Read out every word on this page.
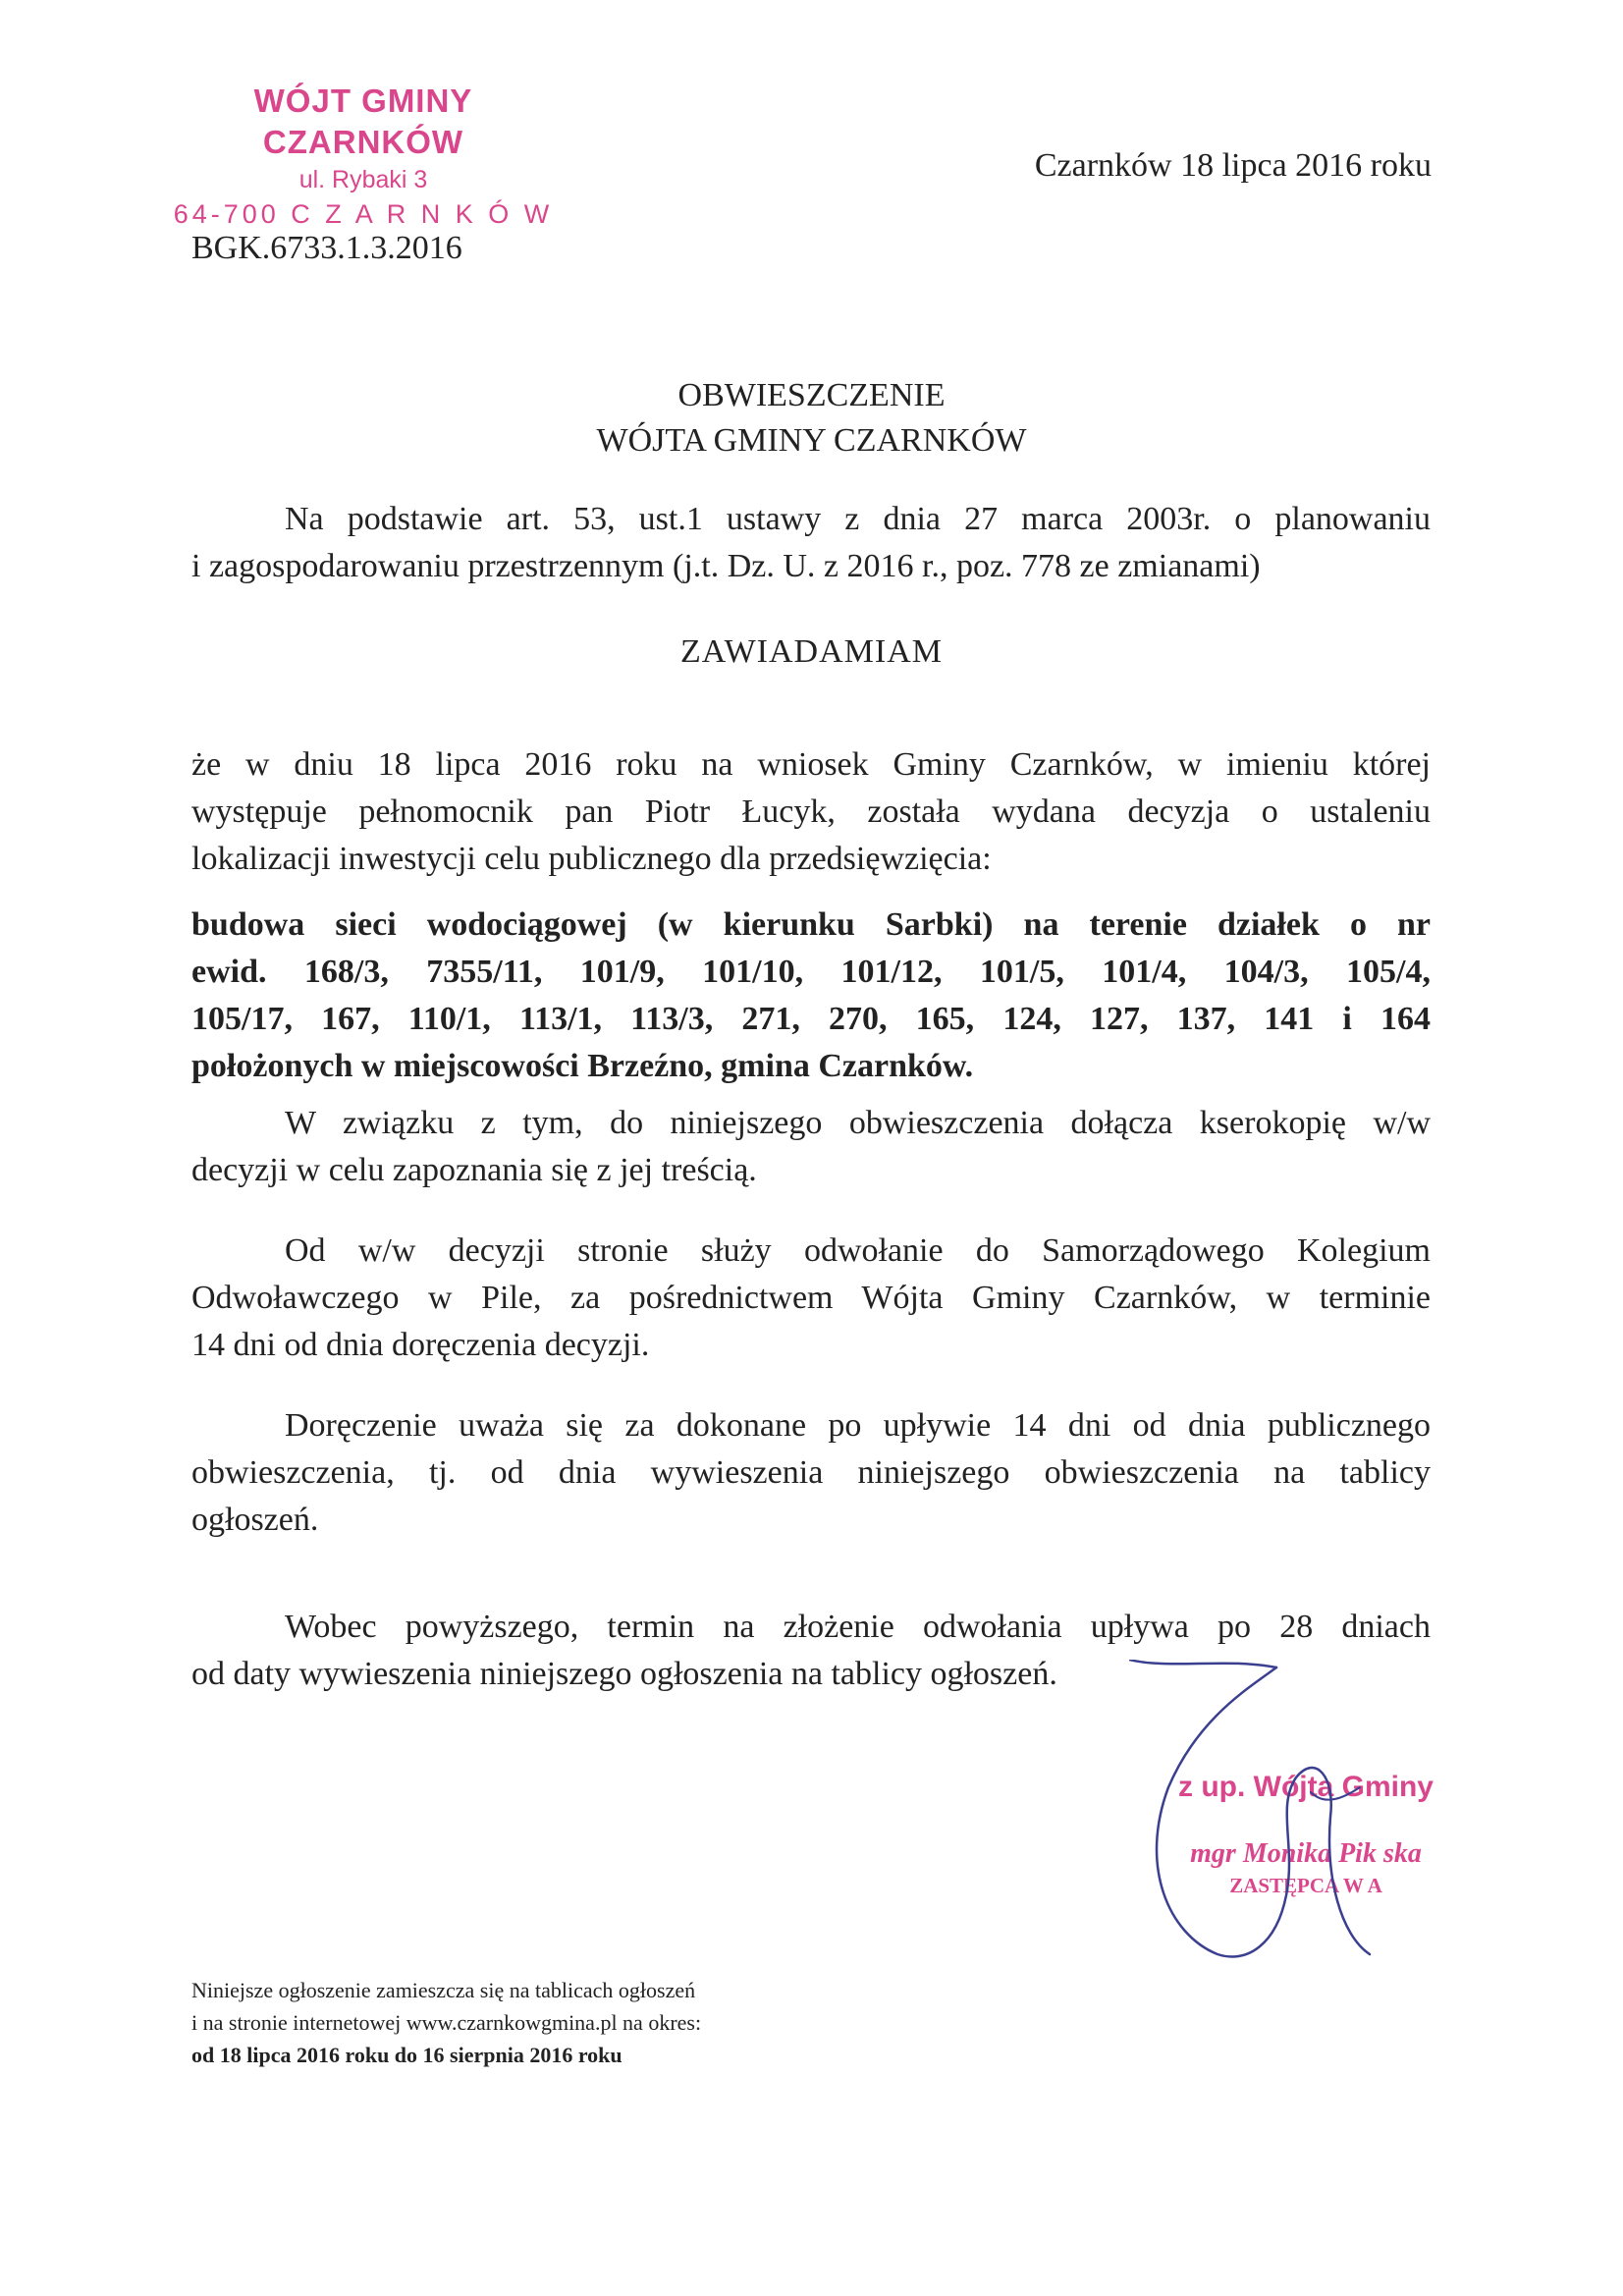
WÓJT GMINY CZARNKÓW
ul. Rybaki 3
64-700 C Z A R N K Ó W
Czarnków 18 lipca 2016 roku
BGK.6733.1.3.2016
OBWIESZCZENIE
WÓJTA GMINY CZARNKÓW
Na podstawie art. 53, ust.1 ustawy z dnia 27 marca 2003r. o planowaniu
i zagospodarowaniu przestrzennym (j.t. Dz. U. z 2016 r., poz. 778 ze zmianami)
ZAWIADAMIAM
że w dniu 18 lipca 2016 roku na wniosek Gminy Czarnków, w imieniu której
występuje pełnomocnik pan Piotr Łucyk, została wydana decyzja o ustaleniu
lokalizacji inwestycji celu publicznego dla przedsięwzięcia:
budowa sieci wodociągowej (w kierunku Sarbki) na terenie działek o nr
ewid. 168/3, 7355/11, 101/9, 101/10, 101/12, 101/5, 101/4, 104/3, 105/4,
105/17, 167, 110/1, 113/1, 113/3, 271, 270, 165, 124, 127, 137, 141 i 164
położonych w miejscowości Brzeźno, gmina Czarnków.
W związku z tym, do niniejszego obwieszczenia dołącza kserokopię w/w
decyzji w celu zapoznania się z jej treścią.
Od w/w decyzji stronie służy odwołanie do Samorządowego Kolegium
Odwoławczego w Pile, za pośrednictwem Wójta Gminy Czarnków, w terminie
14 dni od dnia doręczenia decyzji.
Doręczenie uważa się za dokonane po upływie 14 dni od dnia publicznego
obwieszczenia, tj. od dnia wywieszenia niniejszego obwieszczenia na tablicy
ogłoszeń.
Wobec powyższego, termin na złożenie odwołania upływa po 28 dniach
od daty wywieszenia niniejszego ogłoszenia na tablicy ogłoszeń.
z up. Wójta Gminy
mgr Monika Pik ska
ZASTĘPCA W A
Niniejsze ogłoszenie zamieszcza się na tablicach ogłoszeń
i na stronie internetowej www.czarnkowgmina.pl na okres:
od 18 lipca 2016 roku do 16 sierpnia 2016 roku
